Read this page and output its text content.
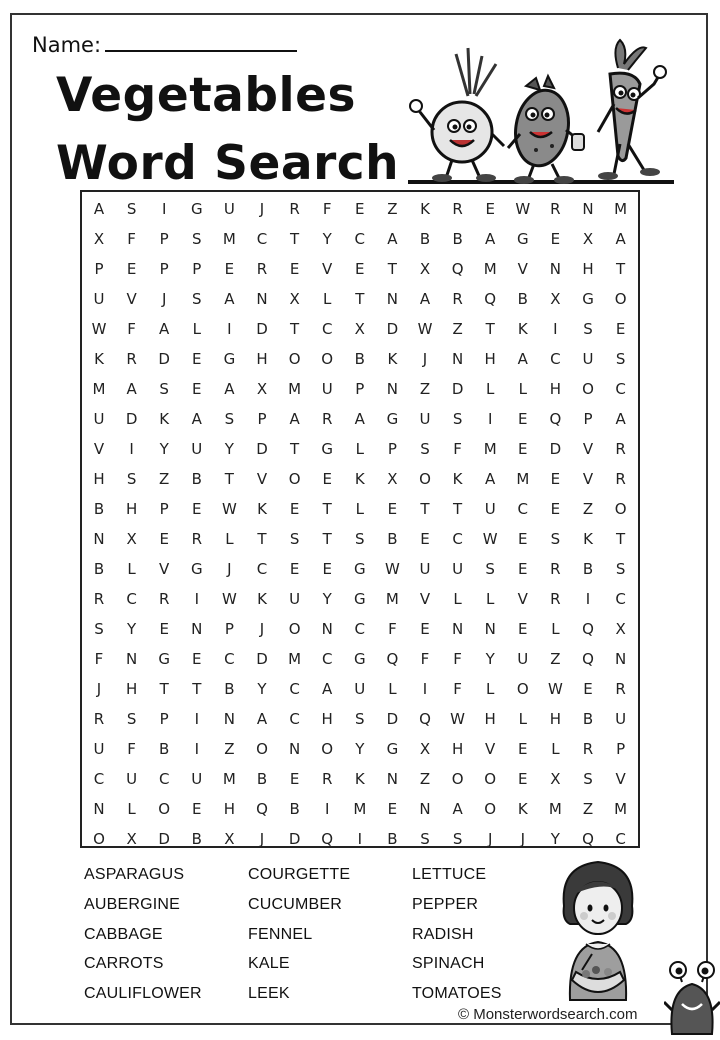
Name:
Vegetables
Word Search
A	S	I	G	U	J	R	F	E	Z	K	R	E	W	R	N	M
X	F	P	S	M	C	T	Y	C	A	B	B	A	G	E	X	A
P	E	P	P	E	R	E	V	E	T	X	Q	M	V	N	H	T
U	V	J	S	A	N	X	L	T	N	A	R	Q	B	X	G	O
W	F	A	L	I	D	T	C	X	D	W	Z	T	K	I	S	E
K	R	D	E	G	H	O	O	B	K	J	N	H	A	C	U	S
M	A	S	E	A	X	M	U	P	N	Z	D	L	L	H	O	C
U	D	K	A	S	P	A	R	A	G	U	S	I	E	Q	P	A
V	I	Y	U	Y	D	T	G	L	P	S	F	M	E	D	V	R
H	S	Z	B	T	V	O	E	K	X	O	K	A	M	E	V	R
B	H	P	E	W	K	E	T	L	E	T	T	U	C	E	Z	O
N	X	E	R	L	T	S	T	S	B	E	C	W	E	S	K	T
B	L	V	G	J	C	E	E	G	W	U	U	S	E	R	B	S
R	C	R	I	W	K	U	Y	G	M	V	L	L	V	R	I	C
S	Y	E	N	P	J	O	N	C	F	E	N	N	E	L	Q	X
F	N	G	E	C	D	M	C	G	Q	F	F	Y	U	Z	Q	N
J	H	T	T	B	Y	C	A	U	L	I	F	L	O	W	E	R
R	S	P	I	N	A	C	H	S	D	Q	W	H	L	H	B	U
U	F	B	I	Z	O	N	O	Y	G	X	H	V	E	L	R	P
C	U	C	U	M	B	E	R	K	N	Z	O	O	E	X	S	V
N	L	O	E	H	Q	B	I	M	E	N	A	O	K	M	Z	M
O	X	D	B	X	J	D	Q	I	B	S	S	J	J	Y	Q	C
ASPARAGUS
AUBERGINE
CABBAGE
CARROTS
CAULIFLOWER
COURGETTE
CUCUMBER
FENNEL
KALE
LEEK
LETTUCE
PEPPER
RADISH
SPINACH
TOMATOES
© Monsterwordsearch.com
